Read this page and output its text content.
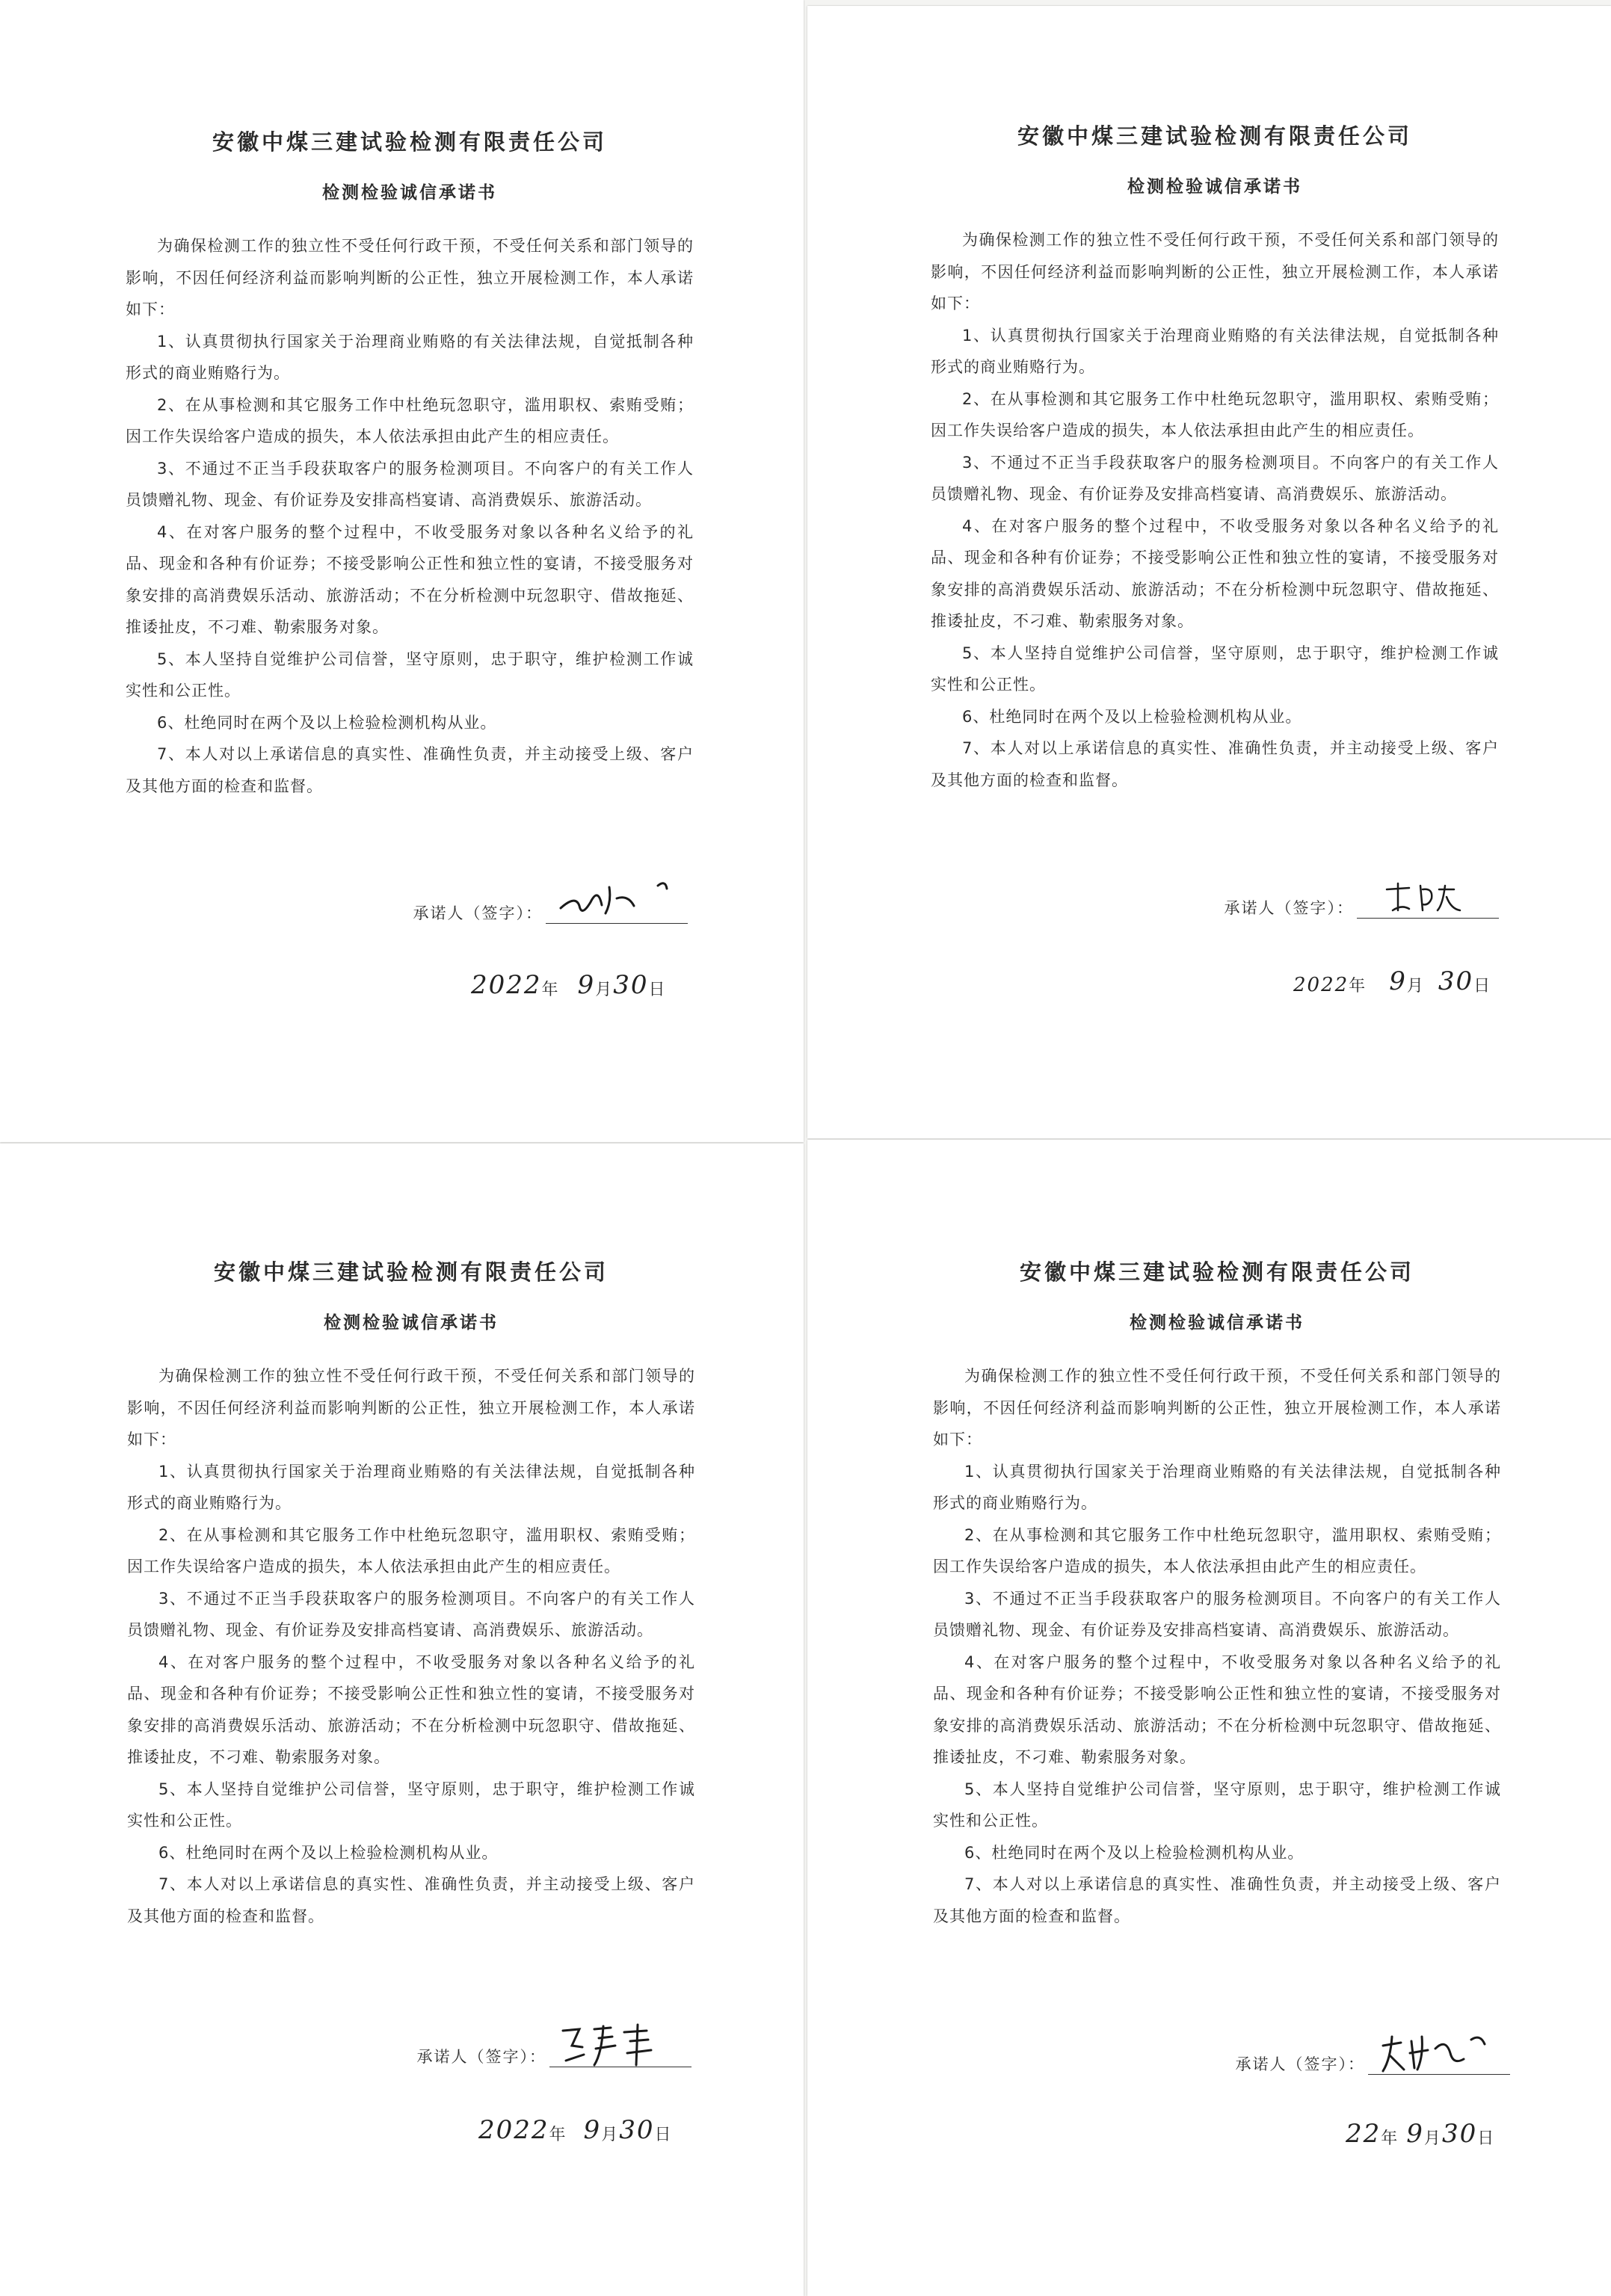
安徽中煤三建试验检测有限责任公司

检测检验诚信承诺书

为确保检测工作的独立性不受任何行政干预，不受任何关系和部门领导的影响，不因任何经济利益而影响判断的公正性，独立开展检测工作，本人承诺如下：

1、认真贯彻执行国家关于治理商业贿赂的有关法律法规，自觉抵制各种形式的商业贿赂行为。

2、在从事检测和其它服务工作中杜绝玩忽职守，滥用职权、索贿受贿；因工作失误给客户造成的损失，本人依法承担由此产生的相应责任。

3、不通过不正当手段获取客户的服务检测项目。不向客户的有关工作人员馈赠礼物、现金、有价证券及安排高档宴请、高消费娱乐、旅游活动。

4、在对客户服务的整个过程中，不收受服务对象以各种名义给予的礼品、现金和各种有价证券；不接受影响公正性和独立性的宴请，不接受服务对象安排的高消费娱乐活动、旅游活动；不在分析检测中玩忽职守、借故拖延、推诿扯皮，不刁难、勒索服务对象。

5、本人坚持自觉维护公司信誉，坚守原则，忠于职守，维护检测工作诚实性和公正性。

6、杜绝同时在两个及以上检验检测机构从业。

7、本人对以上承诺信息的真实性、准确性负责，并主动接受上级、客户及其他方面的检查和监督。

承诺人（签字）：
2022 年 9 月 30 日

安徽中煤三建试验检测有限责任公司

检测检验诚信承诺书

为确保检测工作的独立性不受任何行政干预，不受任何关系和部门领导的影响，不因任何经济利益而影响判断的公正性，独立开展检测工作，本人承诺如下：

1、认真贯彻执行国家关于治理商业贿赂的有关法律法规，自觉抵制各种形式的商业贿赂行为。

2、在从事检测和其它服务工作中杜绝玩忽职守，滥用职权、索贿受贿；因工作失误给客户造成的损失，本人依法承担由此产生的相应责任。

3、不通过不正当手段获取客户的服务检测项目。不向客户的有关工作人员馈赠礼物、现金、有价证券及安排高档宴请、高消费娱乐、旅游活动。

4、在对客户服务的整个过程中，不收受服务对象以各种名义给予的礼品、现金和各种有价证券；不接受影响公正性和独立性的宴请，不接受服务对象安排的高消费娱乐活动、旅游活动；不在分析检测中玩忽职守、借故拖延、推诿扯皮，不刁难、勒索服务对象。

5、本人坚持自觉维护公司信誉，坚守原则，忠于职守，维护检测工作诚实性和公正性。

6、杜绝同时在两个及以上检验检测机构从业。

7、本人对以上承诺信息的真实性、准确性负责，并主动接受上级、客户及其他方面的检查和监督。

承诺人（签字）：
2022 年 9 月 30 日

安徽中煤三建试验检测有限责任公司

检测检验诚信承诺书

为确保检测工作的独立性不受任何行政干预，不受任何关系和部门领导的影响，不因任何经济利益而影响判断的公正性，独立开展检测工作，本人承诺如下：

1、认真贯彻执行国家关于治理商业贿赂的有关法律法规，自觉抵制各种形式的商业贿赂行为。

2、在从事检测和其它服务工作中杜绝玩忽职守，滥用职权、索贿受贿；因工作失误给客户造成的损失，本人依法承担由此产生的相应责任。

3、不通过不正当手段获取客户的服务检测项目。不向客户的有关工作人员馈赠礼物、现金、有价证券及安排高档宴请、高消费娱乐、旅游活动。

4、在对客户服务的整个过程中，不收受服务对象以各种名义给予的礼品、现金和各种有价证券；不接受影响公正性和独立性的宴请，不接受服务对象安排的高消费娱乐活动、旅游活动；不在分析检测中玩忽职守、借故拖延、推诿扯皮，不刁难、勒索服务对象。

5、本人坚持自觉维护公司信誉，坚守原则，忠于职守，维护检测工作诚实性和公正性。

6、杜绝同时在两个及以上检验检测机构从业。

7、本人对以上承诺信息的真实性、准确性负责，并主动接受上级、客户及其他方面的检查和监督。

承诺人（签字）：
2022 年 9 月 30 日

安徽中煤三建试验检测有限责任公司

检测检验诚信承诺书

为确保检测工作的独立性不受任何行政干预，不受任何关系和部门领导的影响，不因任何经济利益而影响判断的公正性，独立开展检测工作，本人承诺如下：

1、认真贯彻执行国家关于治理商业贿赂的有关法律法规，自觉抵制各种形式的商业贿赂行为。

2、在从事检测和其它服务工作中杜绝玩忽职守，滥用职权、索贿受贿；因工作失误给客户造成的损失，本人依法承担由此产生的相应责任。

3、不通过不正当手段获取客户的服务检测项目。不向客户的有关工作人员馈赠礼物、现金、有价证券及安排高档宴请、高消费娱乐、旅游活动。

4、在对客户服务的整个过程中，不收受服务对象以各种名义给予的礼品、现金和各种有价证券；不接受影响公正性和独立性的宴请，不接受服务对象安排的高消费娱乐活动、旅游活动；不在分析检测中玩忽职守、借故拖延、推诿扯皮，不刁难、勒索服务对象。

5、本人坚持自觉维护公司信誉，坚守原则，忠于职守，维护检测工作诚实性和公正性。

6、杜绝同时在两个及以上检验检测机构从业。

7、本人对以上承诺信息的真实性、准确性负责，并主动接受上级、客户及其他方面的检查和监督。

承诺人（签字）：
22 年 9 月 30 日
